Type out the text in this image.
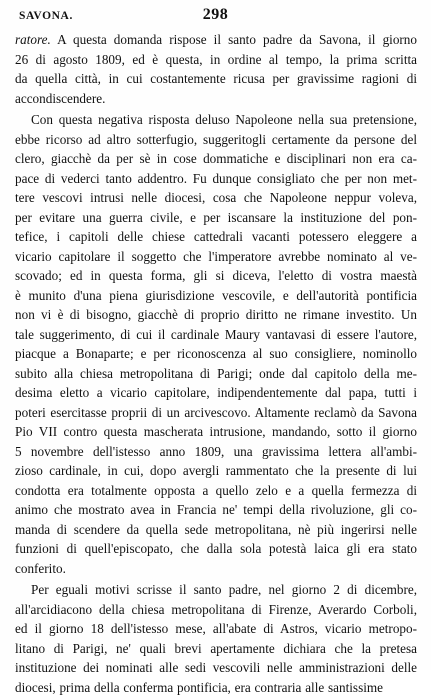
SAVONA.	298
ratore. A questa domanda rispose il santo padre da Savona, il giorno
26 di agosto 1809, ed è questa, in ordine al tempo, la prima scritta
da quella città, in cui costantemente ricusa per gravissime ragioni di
accondiscendere.
Con questa negativa risposta deluso Napoleone nella sua pretensione,
ebbe ricorso ad altro sotterfugio, suggeritogli certamente da persone del
clero, giacchè da per sè in cose dommatiche e disciplinari non era ca-
pace di vederci tanto addentro. Fu dunque consigliato che per non met-
tere vescovi intrusi nelle diocesi, cosa che Napoleone neppur voleva,
per evitare una guerra civile, e per iscansare la instituzione del pon-
tefice, i capitoli delle chiese cattedrali vacanti potessero eleggere a
vicario capitolare il soggetto che l'imperatore avrebbe nominato al ve-
scovado; ed in questa forma, gli si diceva, l'eletto di vostra maestà
è munito d'una piena giurisdizione vescovile, e dell'autorità pontificia
non vi è di bisogno, giacchè di proprio diritto ne rimane investito. Un
tale suggerimento, di cui il cardinale Maury vantavasi di essere l'autore,
piacque a Bonaparte; e per riconoscenza al suo consigliere, nominollo
subito alla chiesa metropolitana di Parigi; onde dal capitolo della me-
desima eletto a vicario capitolare, indipendentemente dal papa, tutti i
poteri esercitasse proprii di un arcivescovo. Altamente reclamò da Savona
Pio VII contro questa mascherata intrusione, mandando, sotto il giorno
5 novembre dell'istesso anno 1809, una gravissima lettera all'ambi-
zioso cardinale, in cui, dopo avergli rammentato che la presente di lui
condotta era totalmente opposta a quello zelo e a quella fermezza di
animo che mostrato avea in Francia ne' tempi della rivoluzione, gli co-
manda di scendere da quella sede metropolitana, nè più ingerirsi nelle
funzioni di quell'episcopato, che dalla sola potestà laica gli era stato
conferito.
Per eguali motivi scrisse il santo padre, nel giorno 2 di dicembre,
all'arcidiacono della chiesa metropolitana di Firenze, Averardo Corboli,
ed il giorno 18 dell'istesso mese, all'abate di Astros, vicario metropo-
litano di Parigi, ne' quali brevi apertamente dichiara che la pretesa
instituzione dei nominati alle sedi vescovili nelle amministrazioni delle
diocesi, prima della conferma pontificia, era contraria alle santissime
